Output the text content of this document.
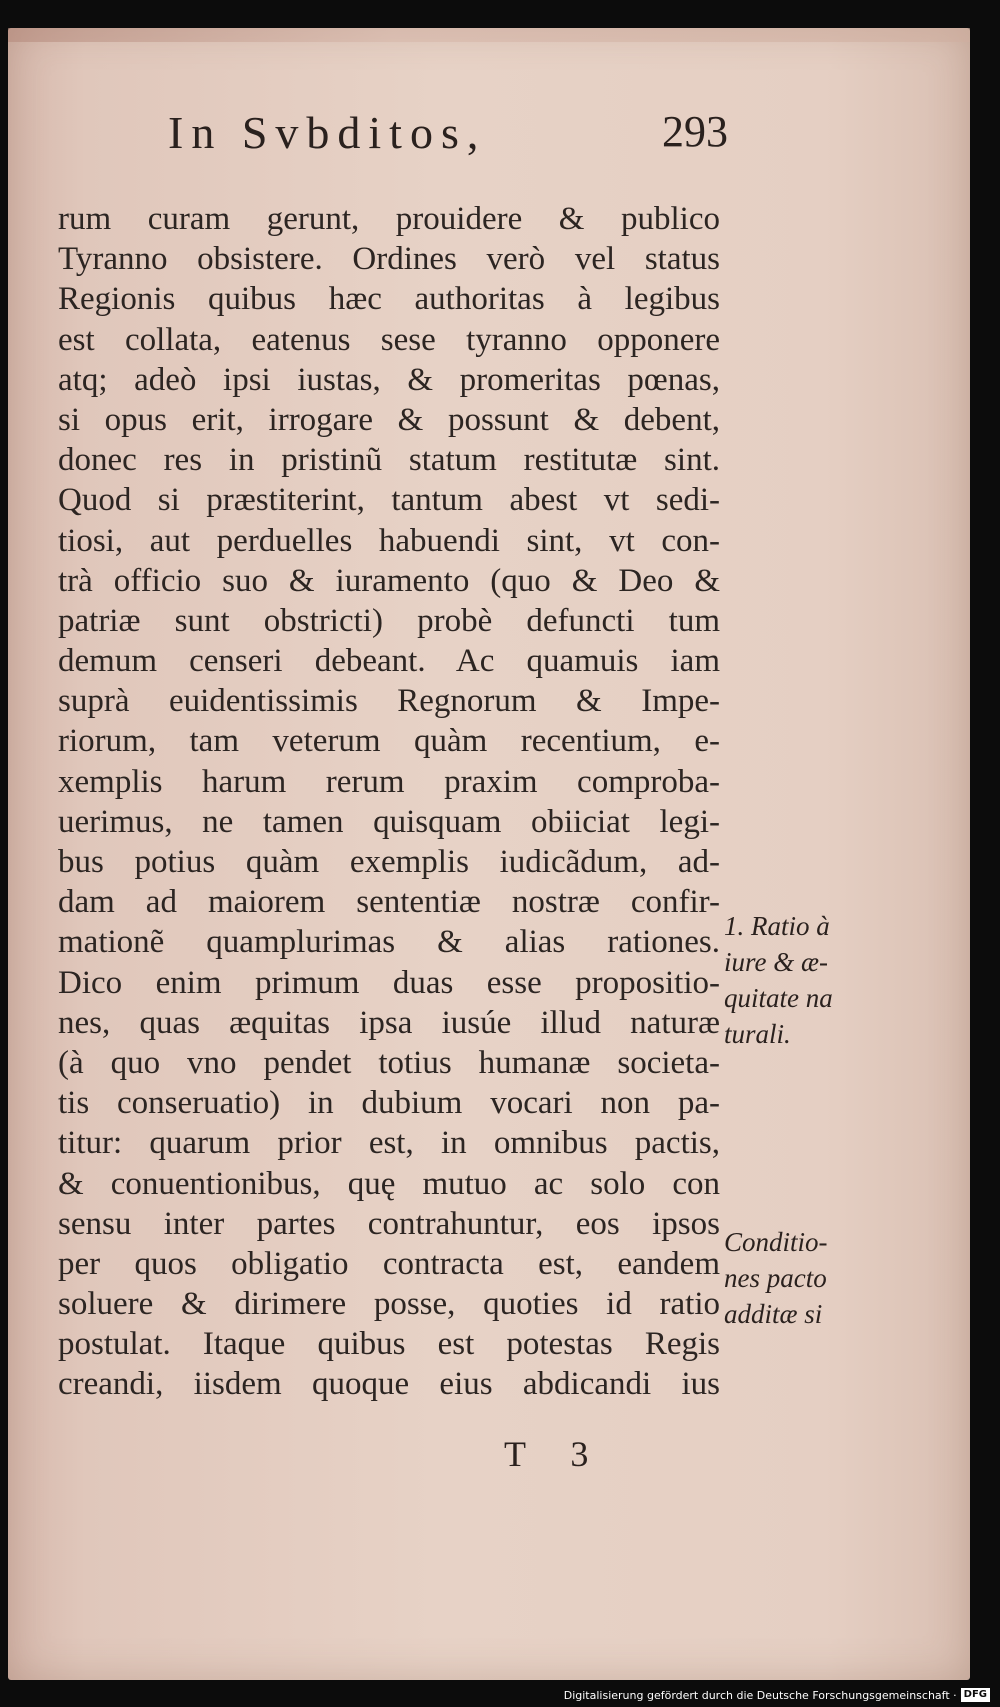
In Svbditos,	293
rum curam gerunt, prouidere & publico
Tyranno obsistere. Ordines verò vel status
Regionis quibus hæc authoritas à legibus
est collata, eatenus sese tyranno opponere
atq; adeò ipsi iustas, & promeritas pœnas,
si opus erit, irrogare & possunt & debent,
donec res in pristinũ statum restitutæ sint.
Quod si præstiterint, tantum abest vt sedi-
tiosi, aut perduelles habuendi sint, vt con-
trà officio suo & iuramento (quo & Deo &
patriæ sunt obstricti) probè defuncti tum
demum censeri debeant. Ac quamuis iam
suprà euidentissimis Regnorum & Impe-
riorum, tam veterum quàm recentium, e-
xemplis harum rerum praxim comproba-
uerimus, ne tamen quisquam obiiciat legi-
bus potius quàm exemplis iudicãdum, ad-
dam ad maiorem sententiæ nostræ confir-
mationẽ quamplurimas & alias rationes.
Dico enim primum duas esse propositio-
nes, quas æquitas ipsa iusúe illud naturæ
(à quo vno pendet totius humanæ societa-
tis conseruatio) in dubium vocari non pa-
titur: quarum prior est, in omnibus pactis,
& conuentionibus, quę mutuo ac solo con
sensu inter partes contrahuntur, eos ipsos
per quos obligatio contracta est, eandem
soluere & dirimere posse, quoties id ratio
postulat. Itaque quibus est potestas Regis
creandi, iisdem quoque eius abdicandi ius
1. Ratio à
iure & æ-
quitate na
turali.
Conditio-
nes pacto
additæ si
T 3
Digitalisierung gefördert durch die Deutsche Forschungsgemeinschaft · DFG
